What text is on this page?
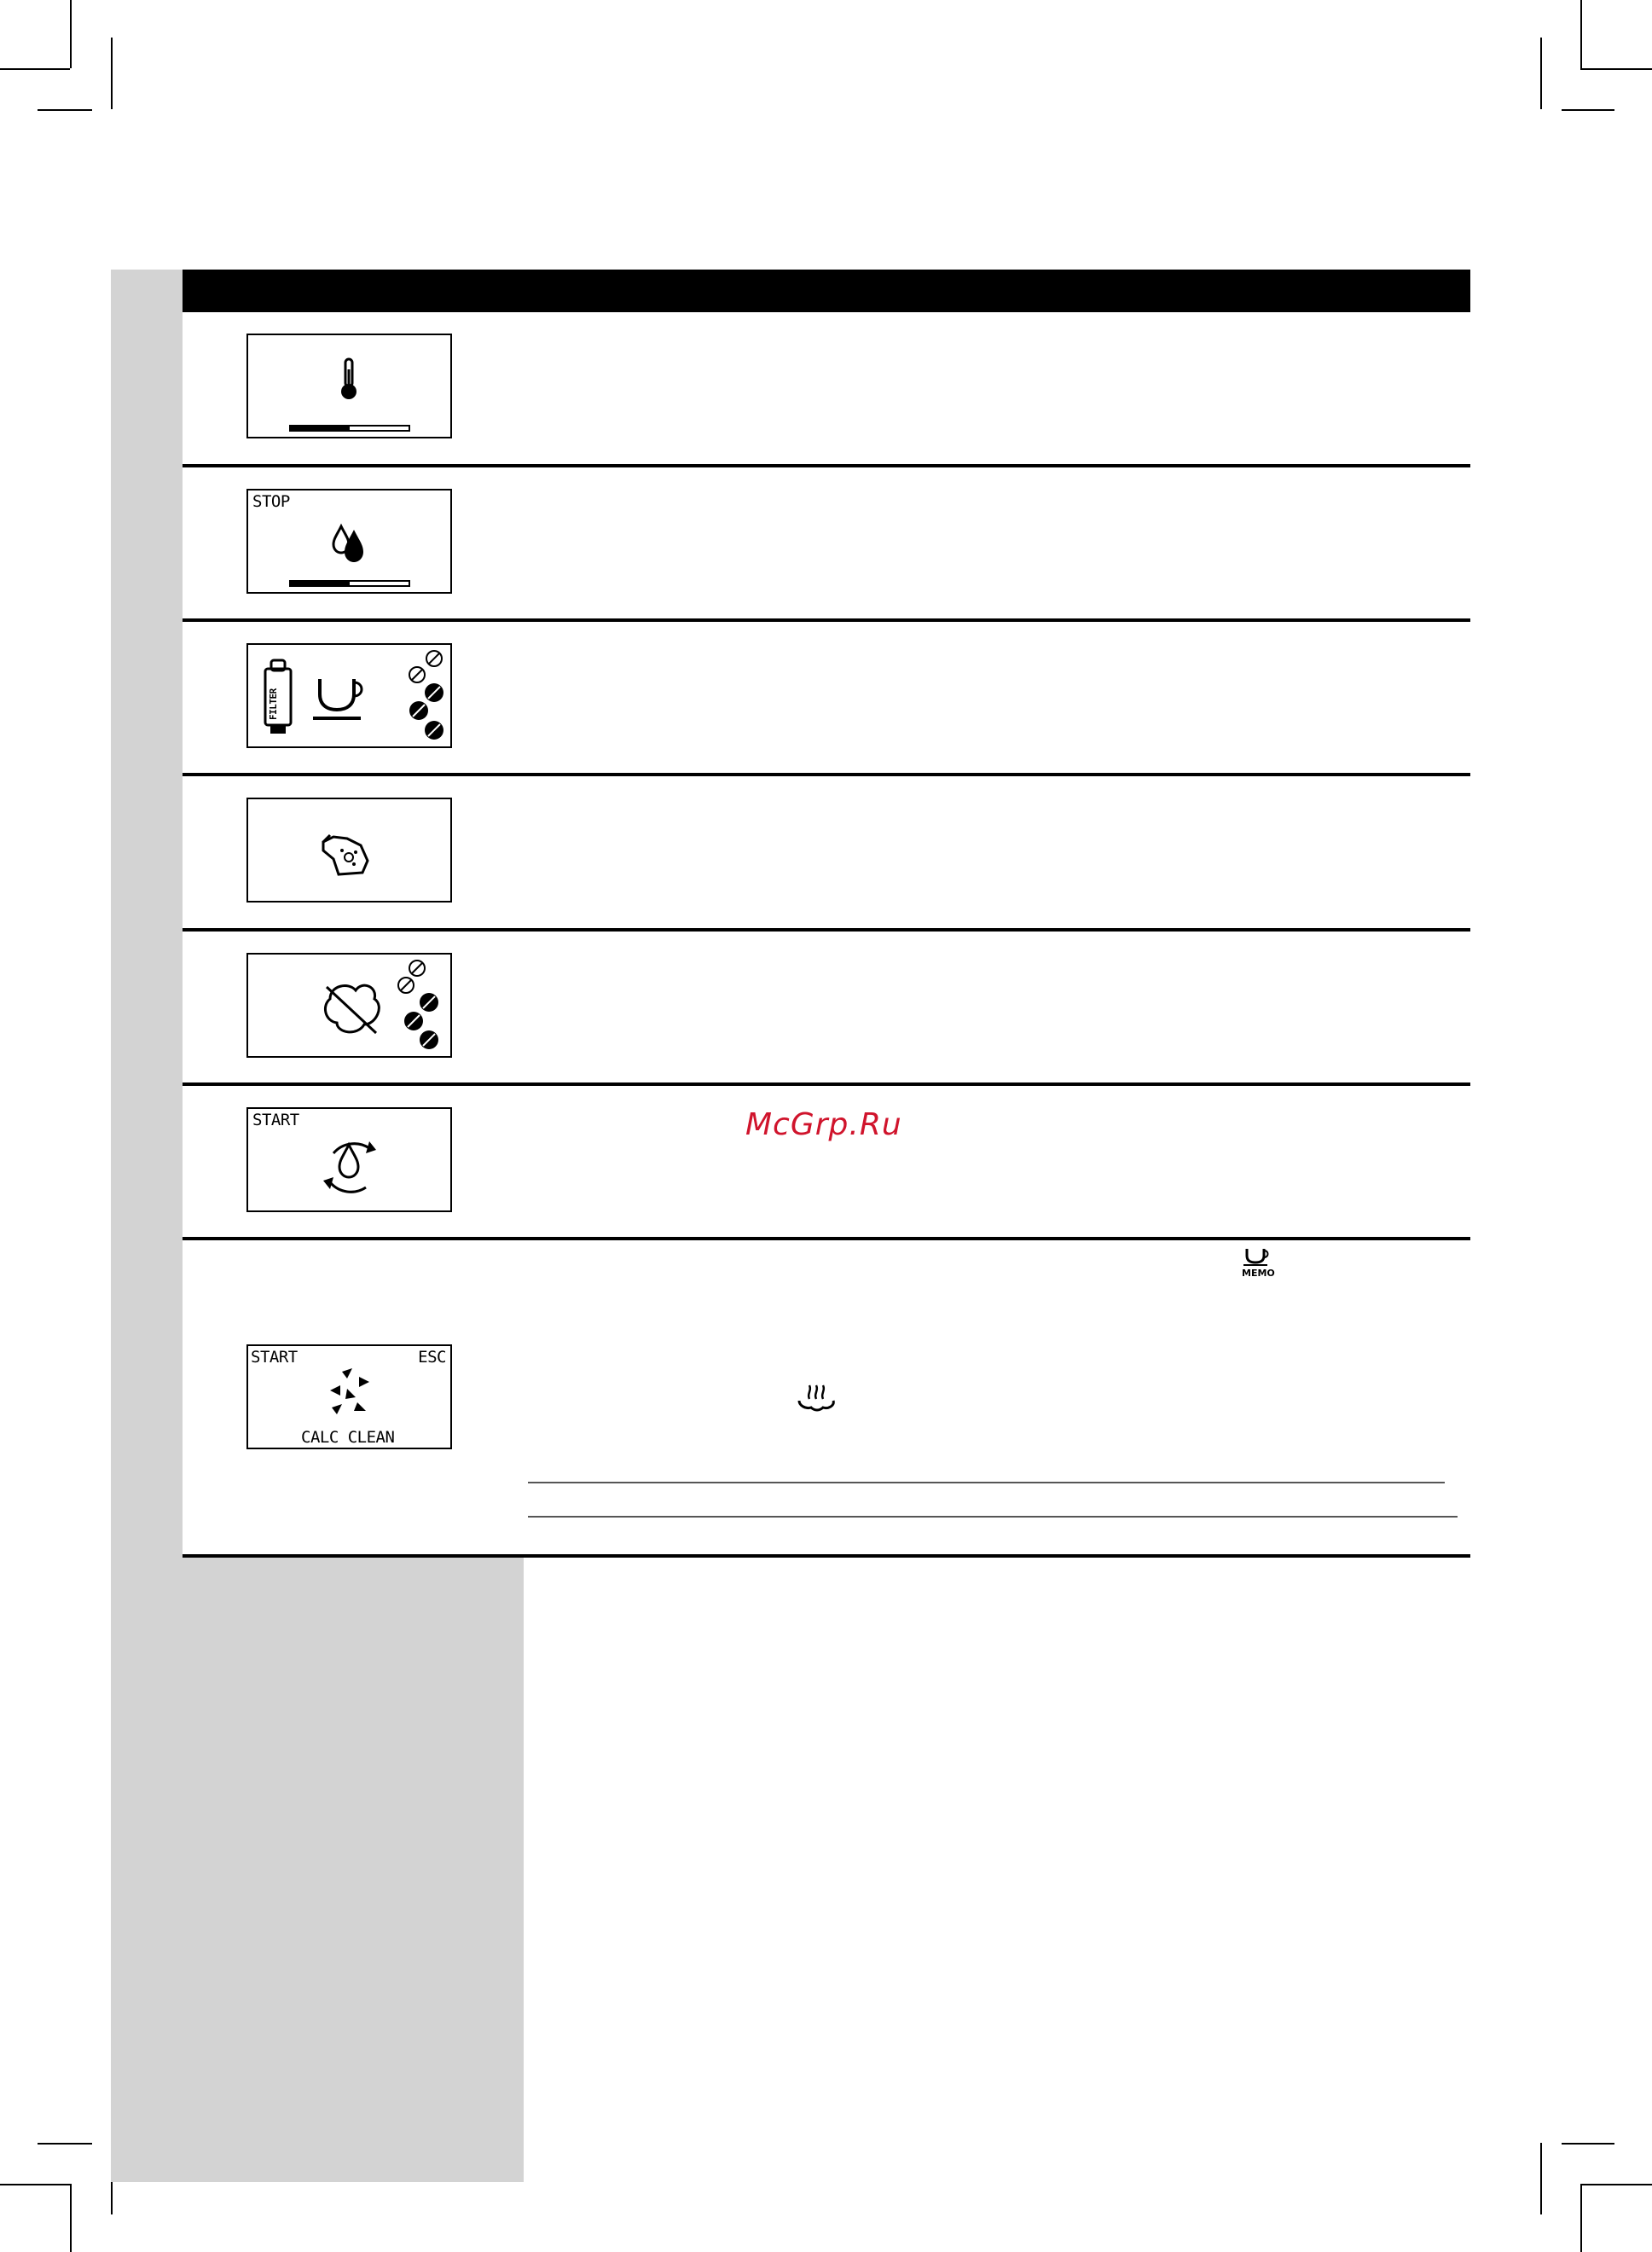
STOP
FILTER
START	McGrp.Ru
START	ESC
CALC CLEAN
MEMO
